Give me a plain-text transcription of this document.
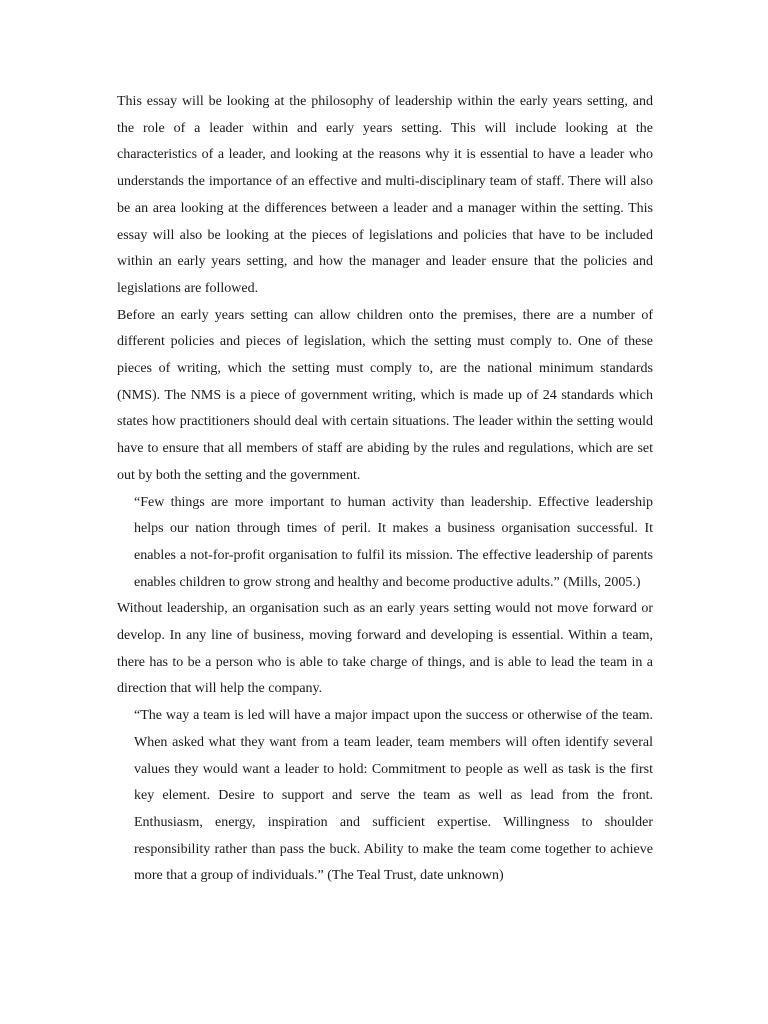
This essay will be looking at the philosophy of leadership within the early years setting, and the role of a leader within and early years setting. This will include looking at the characteristics of a leader, and looking at the reasons why it is essential to have a leader who understands the importance of an effective and multi-disciplinary team of staff. There will also be an area looking at the differences between a leader and a manager within the setting. This essay will also be looking at the pieces of legislations and policies that have to be included within an early years setting, and how the manager and leader ensure that the policies and legislations are followed.

Before an early years setting can allow children onto the premises, there are a number of different policies and pieces of legislation, which the setting must comply to. One of these pieces of writing, which the setting must comply to, are the national minimum standards (NMS). The NMS is a piece of government writing, which is made up of 24 standards which states how practitioners should deal with certain situations. The leader within the setting would have to ensure that all members of staff are abiding by the rules and regulations, which are set out by both the setting and the government.

“Few things are more important to human activity than leadership. Effective leadership helps our nation through times of peril. It makes a business organisation successful. It enables a not-for-profit organisation to fulfil its mission. The effective leadership of parents enables children to grow strong and healthy and become productive adults.” (Mills, 2005.)

Without leadership, an organisation such as an early years setting would not move forward or develop. In any line of business, moving forward and developing is essential. Within a team, there has to be a person who is able to take charge of things, and is able to lead the team in a direction that will help the company.

“The way a team is led will have a major impact upon the success or otherwise of the team. When asked what they want from a team leader, team members will often identify several values they would want a leader to hold: Commitment to people as well as task is the first key element. Desire to support and serve the team as well as lead from the front. Enthusiasm, energy, inspiration and sufficient expertise. Willingness to shoulder responsibility rather than pass the buck. Ability to make the team come together to achieve more that a group of individuals.” (The Teal Trust, date unknown)
